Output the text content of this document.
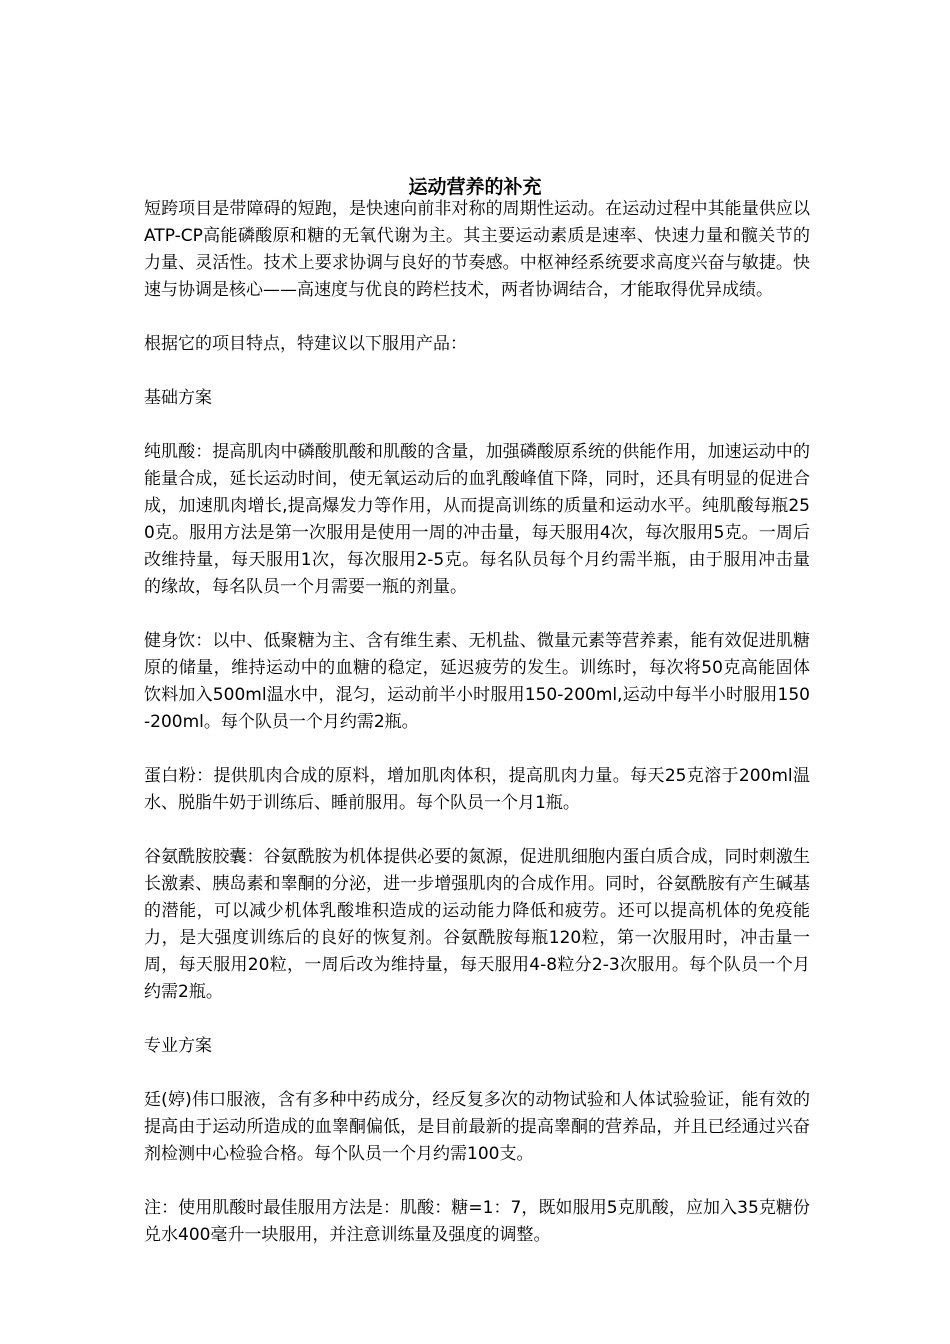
运动营养的补充

短跨项目是带障碍的短跑，是快速向前非对称的周期性运动。在运动过程中其能量供应以ATP-CP高能磷酸原和糖的无氧代谢为主。其主要运动素质是速率、快速力量和髋关节的力量、灵活性。技术上要求协调与良好的节奏感。中枢神经系统要求高度兴奋与敏捷。快速与协调是核心——高速度与优良的跨栏技术，两者协调结合，才能取得优异成绩。

根据它的项目特点，特建议以下服用产品：

基础方案

纯肌酸：提高肌肉中磷酸肌酸和肌酸的含量，加强磷酸原系统的供能作用，加速运动中的能量合成，延长运动时间，使无氧运动后的血乳酸峰值下降，同时，还具有明显的促进合成，加速肌肉增长,提高爆发力等作用，从而提高训练的质量和运动水平。纯肌酸每瓶250克。服用方法是第一次服用是使用一周的冲击量，每天服用4次，每次服用5克。一周后改维持量，每天服用1次，每次服用2-5克。每名队员每个月约需半瓶，由于服用冲击量的缘故，每名队员一个月需要一瓶的剂量。

健身饮：以中、低聚糖为主、含有维生素、无机盐、微量元素等营养素，能有效促进肌糖原的储量，维持运动中的血糖的稳定，延迟疲劳的发生。训练时，每次将50克高能固体饮料加入500ml温水中，混匀，运动前半小时服用150-200ml,运动中每半小时服用150-200ml。每个队员一个月约需2瓶。

蛋白粉：提供肌肉合成的原料，增加肌肉体积，提高肌肉力量。每天25克溶于200ml温水、脱脂牛奶于训练后、睡前服用。每个队员一个月1瓶。

谷氨酰胺胶囊：谷氨酰胺为机体提供必要的氮源，促进肌细胞内蛋白质合成，同时刺激生长激素、胰岛素和睾酮的分泌，进一步增强肌肉的合成作用。同时，谷氨酰胺有产生碱基的潜能，可以减少机体乳酸堆积造成的运动能力降低和疲劳。还可以提高机体的免疫能力，是大强度训练后的良好的恢复剂。谷氨酰胺每瓶120粒，第一次服用时，冲击量一周，每天服用20粒，一周后改为维持量，每天服用4-8粒分2-3次服用。每个队员一个月约需2瓶。

专业方案

廷(婷)伟口服液，含有多种中药成分，经反复多次的动物试验和人体试验验证，能有效的提高由于运动所造成的血睾酮偏低，是目前最新的提高睾酮的营养品，并且已经通过兴奋剂检测中心检验合格。每个队员一个月约需100支。

注：使用肌酸时最佳服用方法是：肌酸：糖=1：7，既如服用5克肌酸，应加入35克糖份兑水400毫升一块服用，并注意训练量及强度的调整。
